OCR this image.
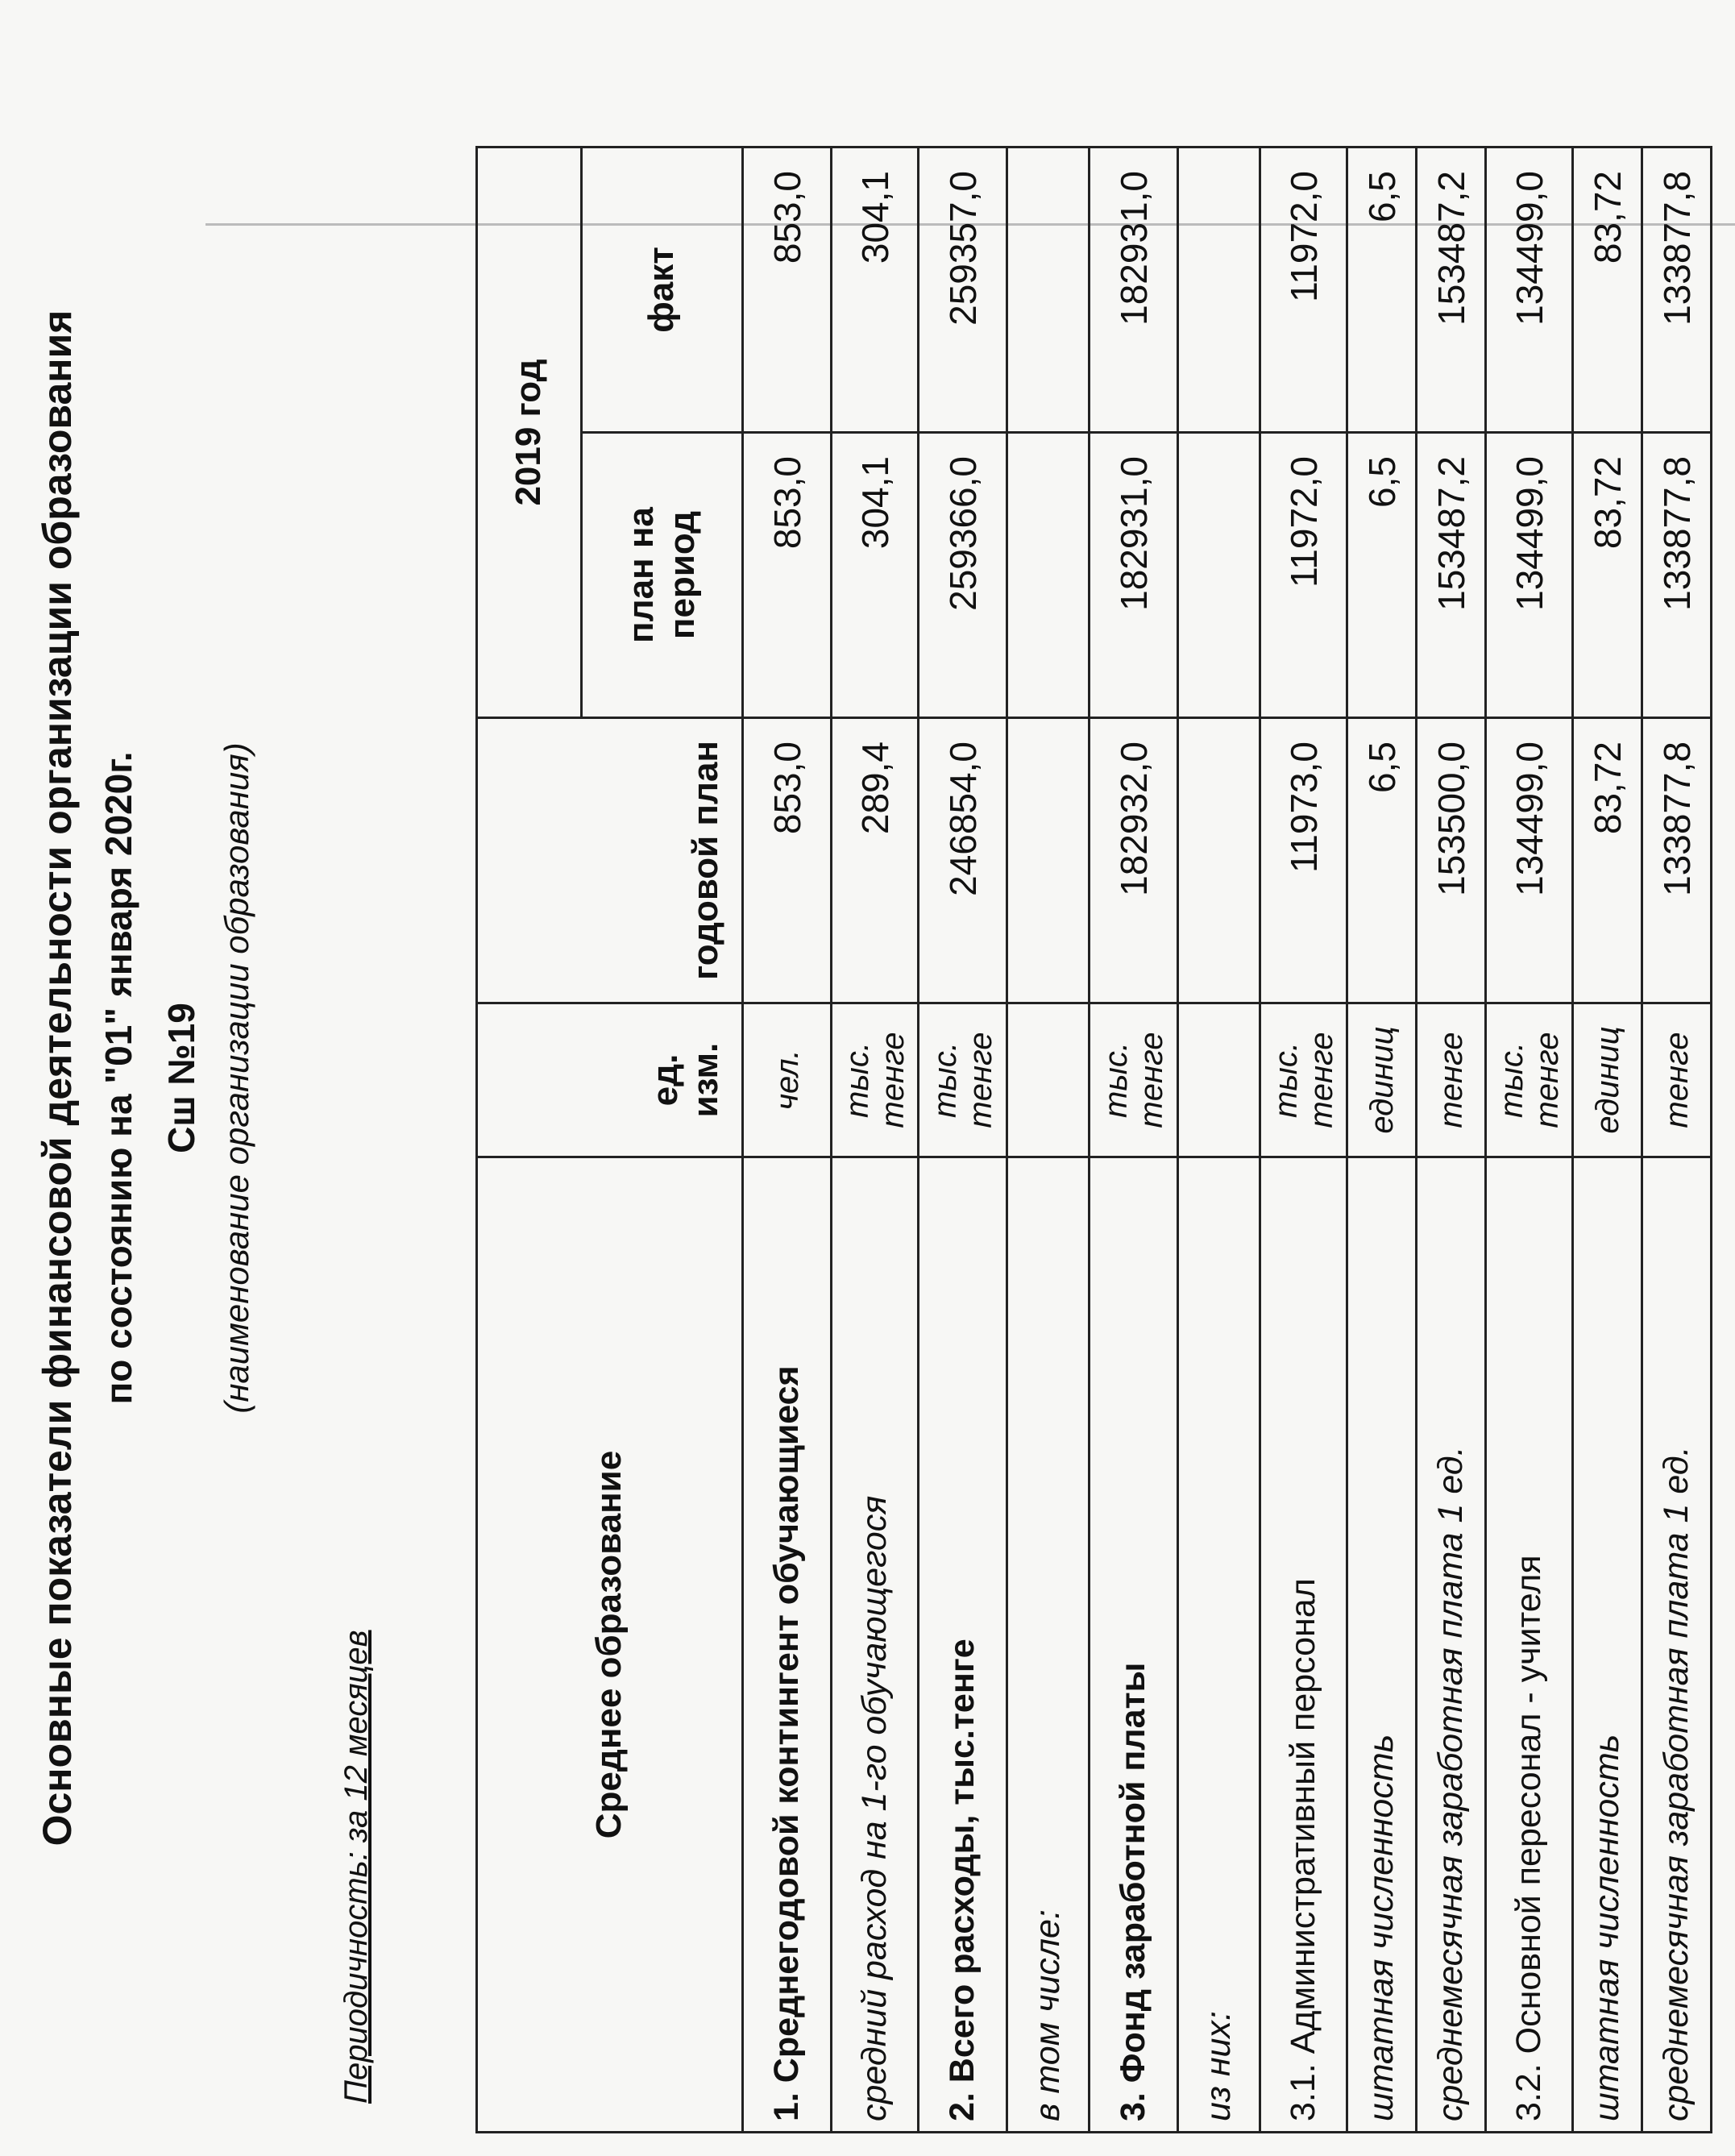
Основные показатели финансовой деятельности организации образования по состоянию на "01" января 2020г. Сш №19 (наименование организации образования)
Периодичность: за 12 месяцев	Среднее образование	ед. изм.	годовой план	2019 год	
			план на период	факт
1. Среднегодовой контингент обучающиеся	чел.	853,0	853,0	853,0
средний расход на 1-го обучающегося	тыс. тенге	289,4	304,1	304,1
2. Всего расходы, тыс.тенге	тыс. тенге	246854,0	259366,0	259357,0
в том числе:				
3. Фонд заработной платы	тыс. тенге	182932,0	182931,0	182931,0
из них:				
3.1. Административный персонал	тыс. тенге	11973,0	11972,0	11972,0
штатная численность	единиц	6,5	6,5	6,5
среднемесячная заработная плата 1 ед.	тенге	153500,0	153487,2	153487,2
3.2. Основной пересонал - учителя	тыс. тенге	134499,0	134499,0	134499,0
штатная численность	единиц	83,72	83,72	83,72
среднемесячная заработная плата 1 ед.	тенге	133877,8	133877,8	133877,8
